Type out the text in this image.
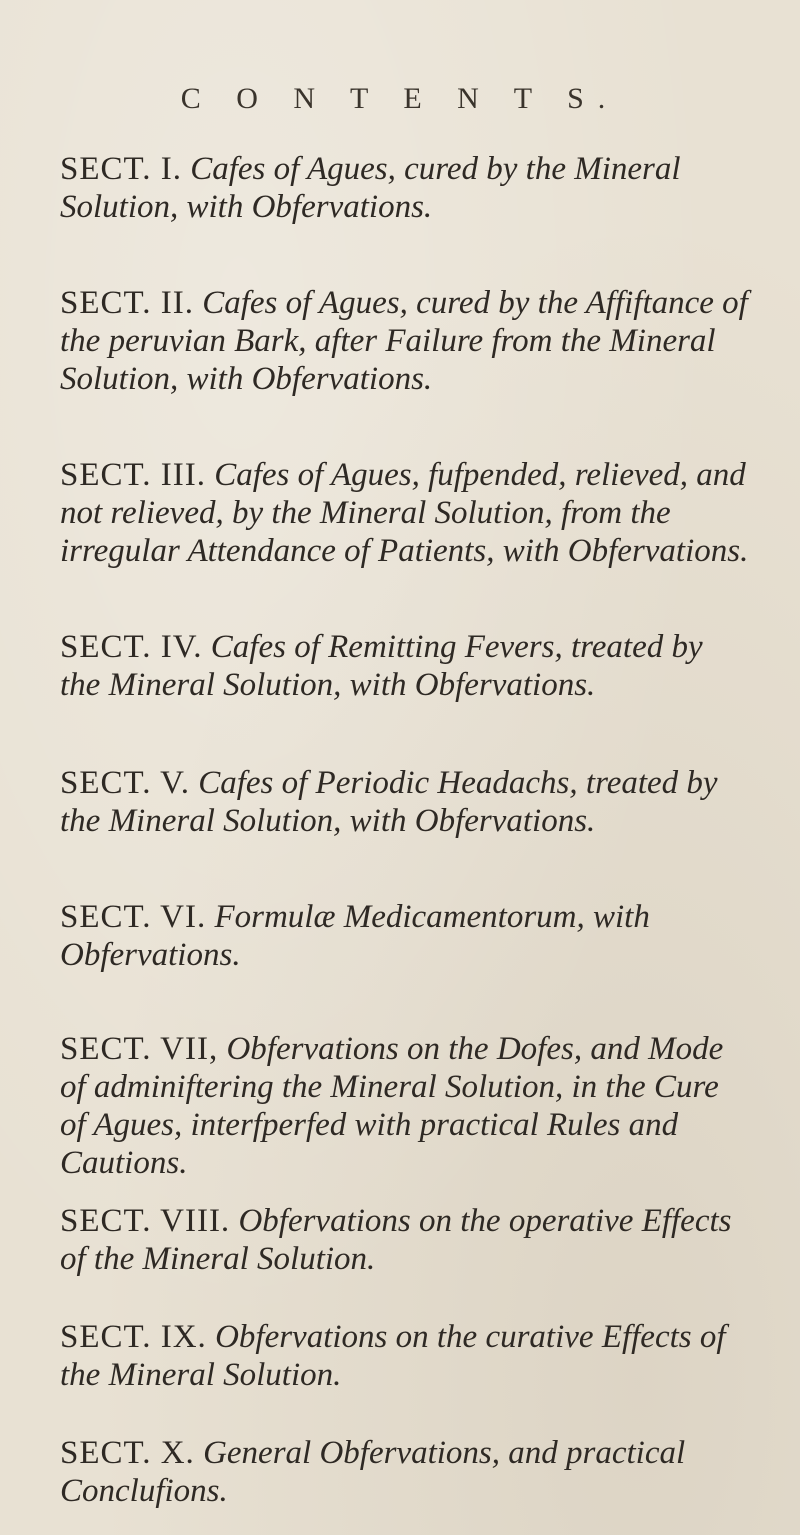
C O N T E N T S.

SECT. I. Cafes of Agues, cured by the Mineral Solution, with Obfervations.

SECT. II. Cafes of Agues, cured by the Affiftance of the peruvian Bark, after Failure from the Mineral Solution, with Obfervations.

SECT. III. Cafes of Agues, fufpended, relieved, and not relieved, by the Mineral Solution, from the irregular Attendance of Patients, with Obfervations.

SECT. IV. Cafes of Remitting Fevers, treated by the Mineral Solution, with Obfervations.

SECT. V. Cafes of Periodic Headachs, treated by the Mineral Solution, with Obfervations.

SECT. VI. Formulæ Medicamentorum, with Obfervations.

SECT. VII, Obfervations on the Dofes, and Mode of adminiftering the Mineral Solution, in the Cure of Agues, interfperfed with practical Rules and Cautions.

SECT. VIII. Obfervations on the operative Effects of the Mineral Solution.

SECT. IX. Obfervations on the curative Effects of the Mineral Solution.

SECT. X. General Obfervations, and practical Conclufions.
